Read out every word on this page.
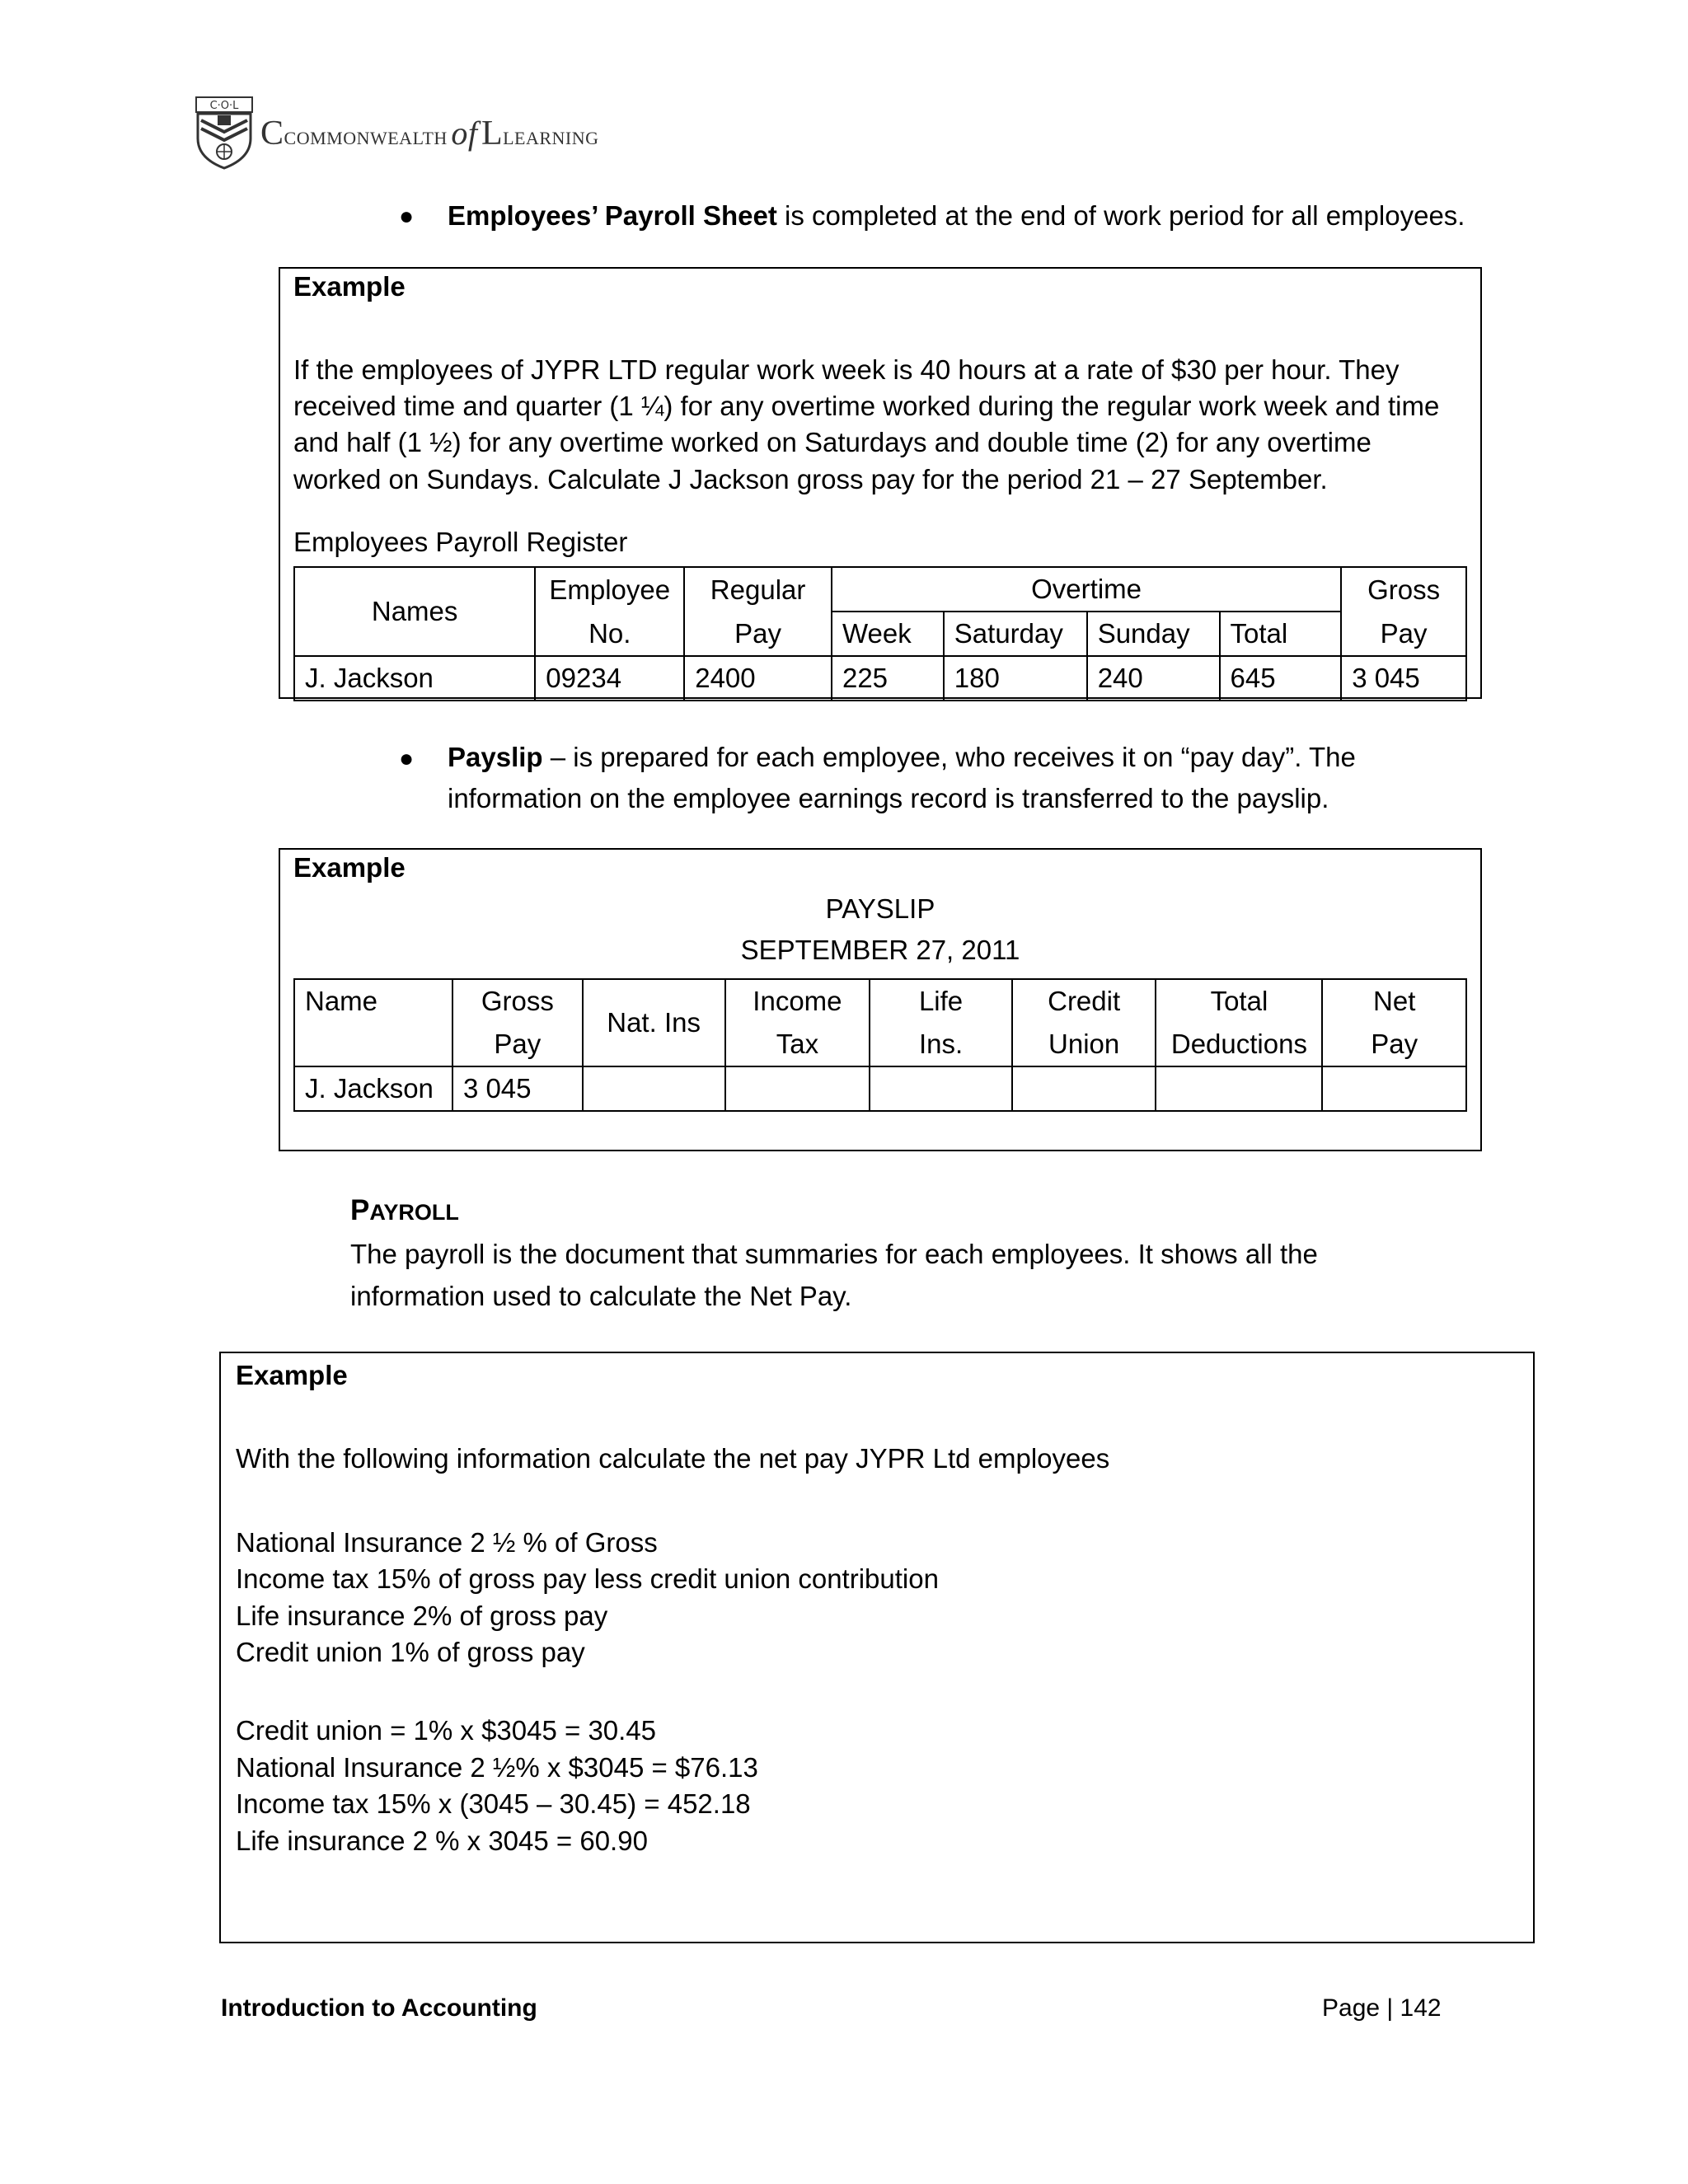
C·O·L
Ccommonwealth of Llearning
● Employees’ Payroll Sheet is completed at the end of work period for all employees.
Example
If the employees of JYPR LTD regular work week is 40 hours at a rate of $30 per hour. They
received time and quarter (1 ¼) for any overtime worked during the regular work week and time
and half (1 ½) for any overtime worked on Saturdays and double time (2) for any overtime
worked on Sundays. Calculate J Jackson gross pay for the period 21 – 27 September.
Employees Payroll Register
Names	Employee	Regular	Overtime				Gross
	No.	Pay	Week	Saturday	Sunday	Total	Pay
J. Jackson	09234	2400	225	180	240	645	3 045
● Payslip – is prepared for each employee, who receives it on “pay day”. The
information on the employee earnings record is transferred to the payslip.
Example
PAYSLIP
SEPTEMBER 27, 2011
Name	Gross	Nat. Ins	Income	Life	Credit	Total	Net
	Pay		Tax	Ins.	Union	Deductions	Pay
J. Jackson	3 045						
PAYROLL
The payroll is the document that summaries for each employees. It shows all the
information used to calculate the Net Pay.
Example
With the following information calculate the net pay JYPR Ltd employees
National Insurance 2 ½ % of Gross
Income tax 15% of gross pay less credit union contribution
Life insurance 2% of gross pay
Credit union 1% of gross pay
Credit union = 1% x $3045 = 30.45
National Insurance 2 ½% x $3045 = $76.13
Income tax 15% x (3045 – 30.45) = 452.18
Life insurance 2 % x 3045 = 60.90
Introduction to Accounting	Page | 142
